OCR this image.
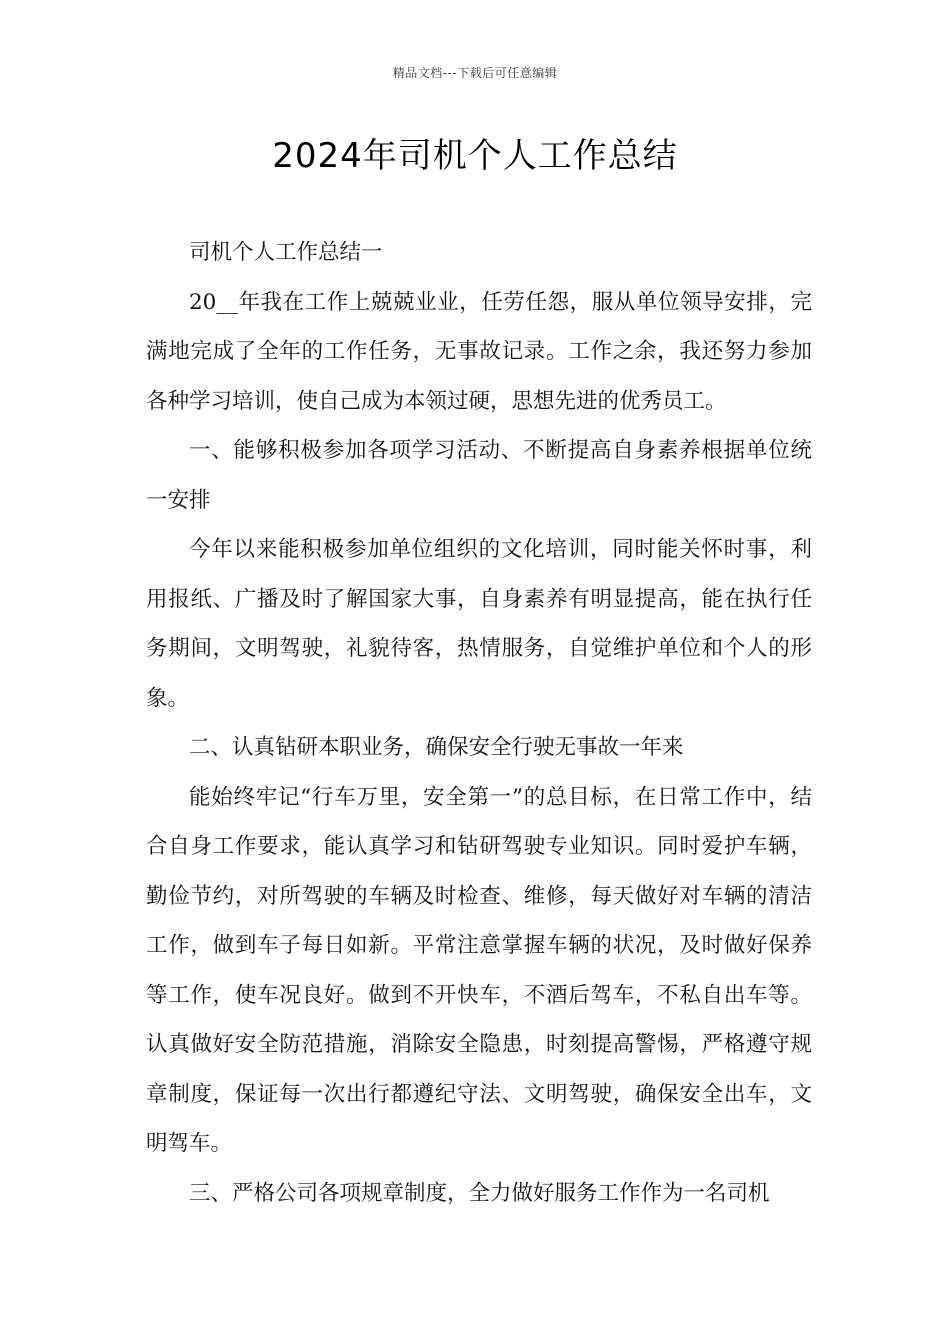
精品文档---下载后可任意编辑
2024年司机个人工作总结

司机个人工作总结一

20__年我在工作上兢兢业业，任劳任怨，服从单位领导安排，完满地完成了全年的工作任务，无事故记录。工作之余，我还努力参加各种学习培训，使自己成为本领过硬，思想先进的优秀员工。

一、能够积极参加各项学习活动、不断提高自身素养根据单位统一安排

今年以来能积极参加单位组织的文化培训，同时能关怀时事，利用报纸、广播及时了解国家大事，自身素养有明显提高，能在执行任务期间，文明驾驶，礼貌待客，热情服务，自觉维护单位和个人的形象。

二、认真钻研本职业务，确保安全行驶无事故一年来

能始终牢记“行车万里，安全第一”的总目标，在日常工作中，结合自身工作要求，能认真学习和钻研驾驶专业知识。同时爱护车辆，勤俭节约，对所驾驶的车辆及时检查、维修，每天做好对车辆的清洁工作，做到车子每日如新。平常注意掌握车辆的状况，及时做好保养等工作，使车况良好。做到不开快车，不酒后驾车，不私自出车等。认真做好安全防范措施，消除安全隐患，时刻提高警惕，严格遵守规章制度，保证每一次出行都遵纪守法、文明驾驶，确保安全出车，文明驾车。

三、严格公司各项规章制度，全力做好服务工作作为一名司机
